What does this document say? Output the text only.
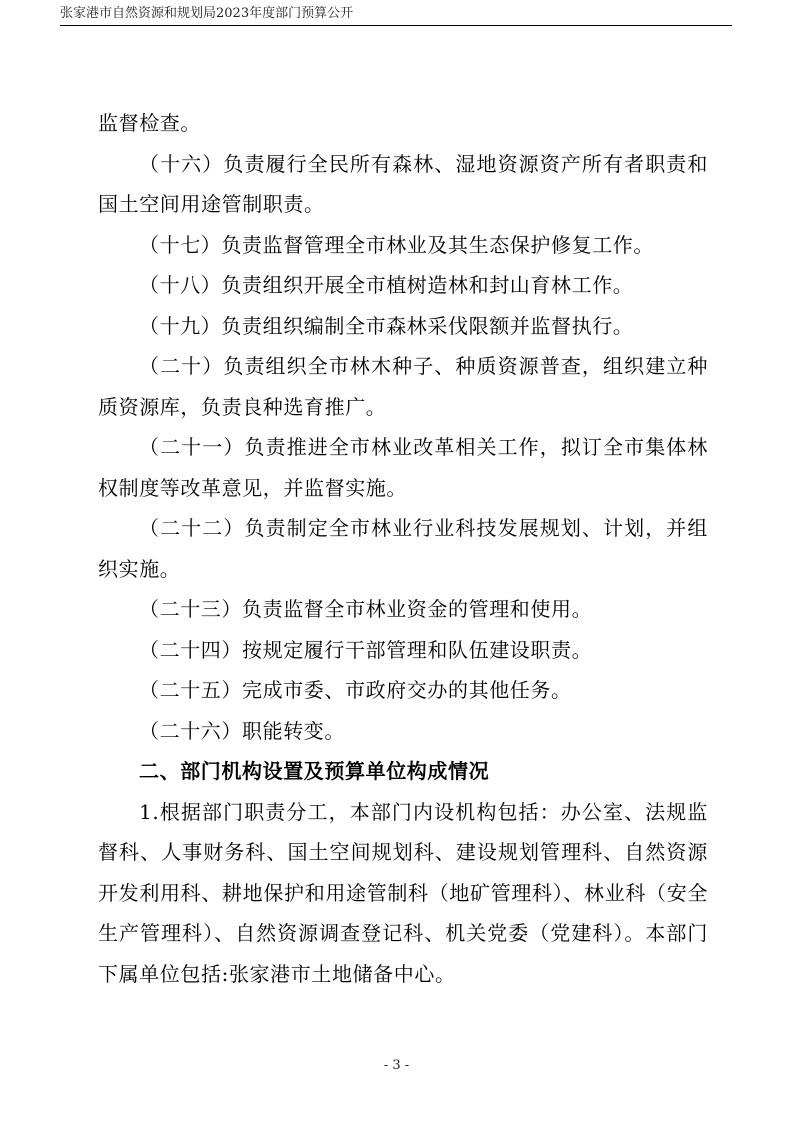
张家港市自然资源和规划局2023年度部门预算公开

监督检查。

（十六）负责履行全民所有森林、湿地资源资产所有者职责和国土空间用途管制职责。

（十七）负责监督管理全市林业及其生态保护修复工作。

（十八）负责组织开展全市植树造林和封山育林工作。

（十九）负责组织编制全市森林采伐限额并监督执行。

（二十）负责组织全市林木种子、种质资源普查，组织建立种质资源库，负责良种选育推广。

（二十一）负责推进全市林业改革相关工作，拟订全市集体林权制度等改革意见，并监督实施。

（二十二）负责制定全市林业行业科技发展规划、计划，并组织实施。

（二十三）负责监督全市林业资金的管理和使用。

（二十四）按规定履行干部管理和队伍建设职责。

（二十五）完成市委、市政府交办的其他任务。

（二十六）职能转变。

二、部门机构设置及预算单位构成情况

1.根据部门职责分工，本部门内设机构包括：办公室、法规监督科、人事财务科、国土空间规划科、建设规划管理科、自然资源开发利用科、耕地保护和用途管制科（地矿管理科）、林业科（安全生产管理科）、自然资源调查登记科、机关党委（党建科）。本部门下属单位包括:张家港市土地储备中心。

- 3 -
